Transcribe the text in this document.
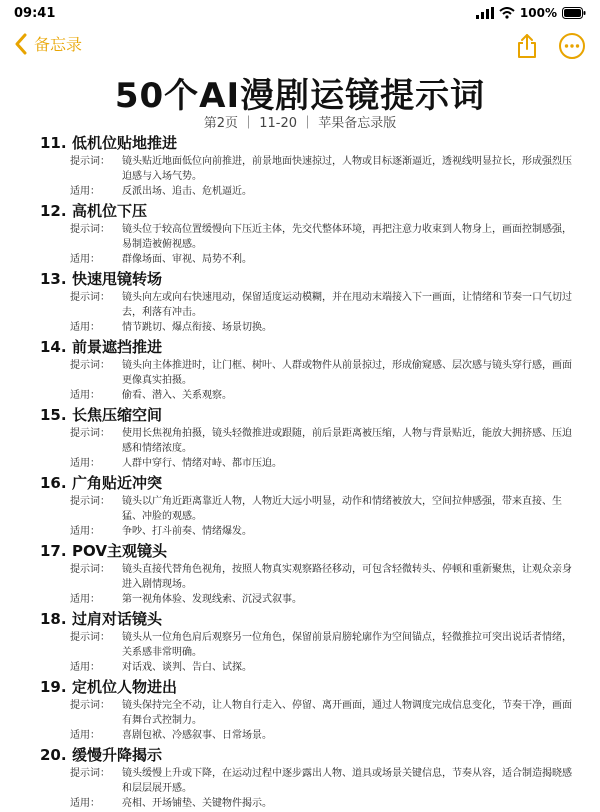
09:41	100%
备忘录
50个AI漫剧运镜提示词
第2页 ｜ 11-20 ｜ 苹果备忘录版
11. 低机位贴地推进
提示词：	镜头贴近地面低位向前推进，前景地面快速掠过，人物或目标逐渐逼近，透视线明显拉长，形成强烈压迫感与入场气势。
适用：	反派出场、追击、危机逼近。
12. 高机位下压
提示词：	镜头位于较高位置缓慢向下压近主体，先交代整体环境，再把注意力收束到人物身上，画面控制感强，易制造被俯视感。
适用：	群像场面、审视、局势不利。
13. 快速甩镜转场
提示词：	镜头向左或向右快速甩动，保留适度运动模糊，并在甩动末端接入下一画面，让情绪和节奏一口气切过去，利落有冲击。
适用：	情节跳切、爆点衔接、场景切换。
14. 前景遮挡推进
提示词：	镜头向主体推进时，让门框、树叶、人群或物件从前景掠过，形成偷窥感、层次感与镜头穿行感，画面更像真实拍摄。
适用：	偷看、潜入、关系观察。
15. 长焦压缩空间
提示词：	使用长焦视角拍摄，镜头轻微推进或跟随，前后景距离被压缩，人物与背景贴近，能放大拥挤感、压迫感和情绪浓度。
适用：	人群中穿行、情绪对峙、都市压迫。
16. 广角贴近冲突
提示词：	镜头以广角近距离靠近人物，人物近大远小明显，动作和情绪被放大，空间拉伸感强，带来直接、生猛、冲脸的观感。
适用：	争吵、打斗前奏、情绪爆发。
17. POV主观镜头
提示词：	镜头直接代替角色视角，按照人物真实观察路径移动，可包含轻微转头、停顿和重新聚焦，让观众亲身进入剧情现场。
适用：	第一视角体验、发现线索、沉浸式叙事。
18. 过肩对话镜头
提示词：	镜头从一位角色肩后观察另一位角色，保留前景肩膀轮廓作为空间锚点，轻微推拉可突出说话者情绪，关系感非常明确。
适用：	对话戏、谈判、告白、试探。
19. 定机位人物进出
提示词：	镜头保持完全不动，让人物自行走入、停留、离开画面，通过人物调度完成信息变化，节奏干净，画面有舞台式控制力。
适用：	喜剧包袱、冷感叙事、日常场景。
20. 缓慢升降揭示
提示词：	镜头缓慢上升或下降，在运动过程中逐步露出人物、道具或场景关键信息，节奏从容，适合制造揭晓感和层层展开感。
适用：	亮相、开场铺垫、关键物件揭示。
